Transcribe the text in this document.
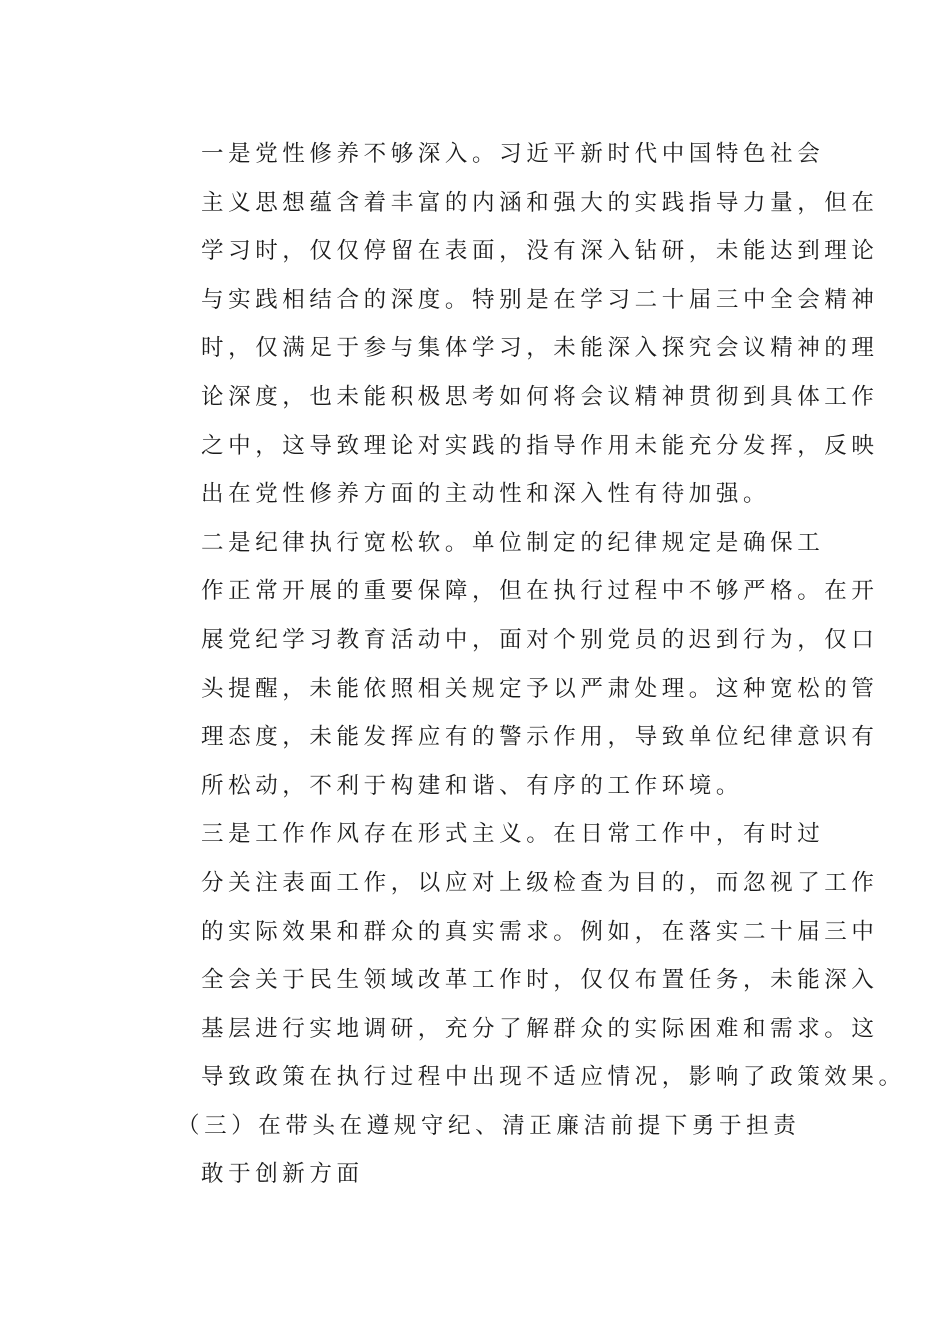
一是党性修养不够深入。习近平新时代中国特色社会
主义思想蕴含着丰富的内涵和强大的实践指导力量，但在
学习时，仅仅停留在表面，没有深入钻研，未能达到理论
与实践相结合的深度。特别是在学习二十届三中全会精神
时，仅满足于参与集体学习，未能深入探究会议精神的理
论深度，也未能积极思考如何将会议精神贯彻到具体工作
之中，这导致理论对实践的指导作用未能充分发挥，反映
出在党性修养方面的主动性和深入性有待加强。

二是纪律执行宽松软。单位制定的纪律规定是确保工
作正常开展的重要保障，但在执行过程中不够严格。在开
展党纪学习教育活动中，面对个别党员的迟到行为，仅口
头提醒，未能依照相关规定予以严肃处理。这种宽松的管
理态度，未能发挥应有的警示作用，导致单位纪律意识有
所松动，不利于构建和谐、有序的工作环境。

三是工作作风存在形式主义。在日常工作中，有时过
分关注表面工作，以应对上级检查为目的，而忽视了工作
的实际效果和群众的真实需求。例如，在落实二十届三中
全会关于民生领域改革工作时，仅仅布置任务，未能深入
基层进行实地调研，充分了解群众的实际困难和需求。这
导致政策在执行过程中出现不适应情况，影响了政策效果。

（三）在带头在遵规守纪、清正廉洁前提下勇于担责
敢于创新方面
